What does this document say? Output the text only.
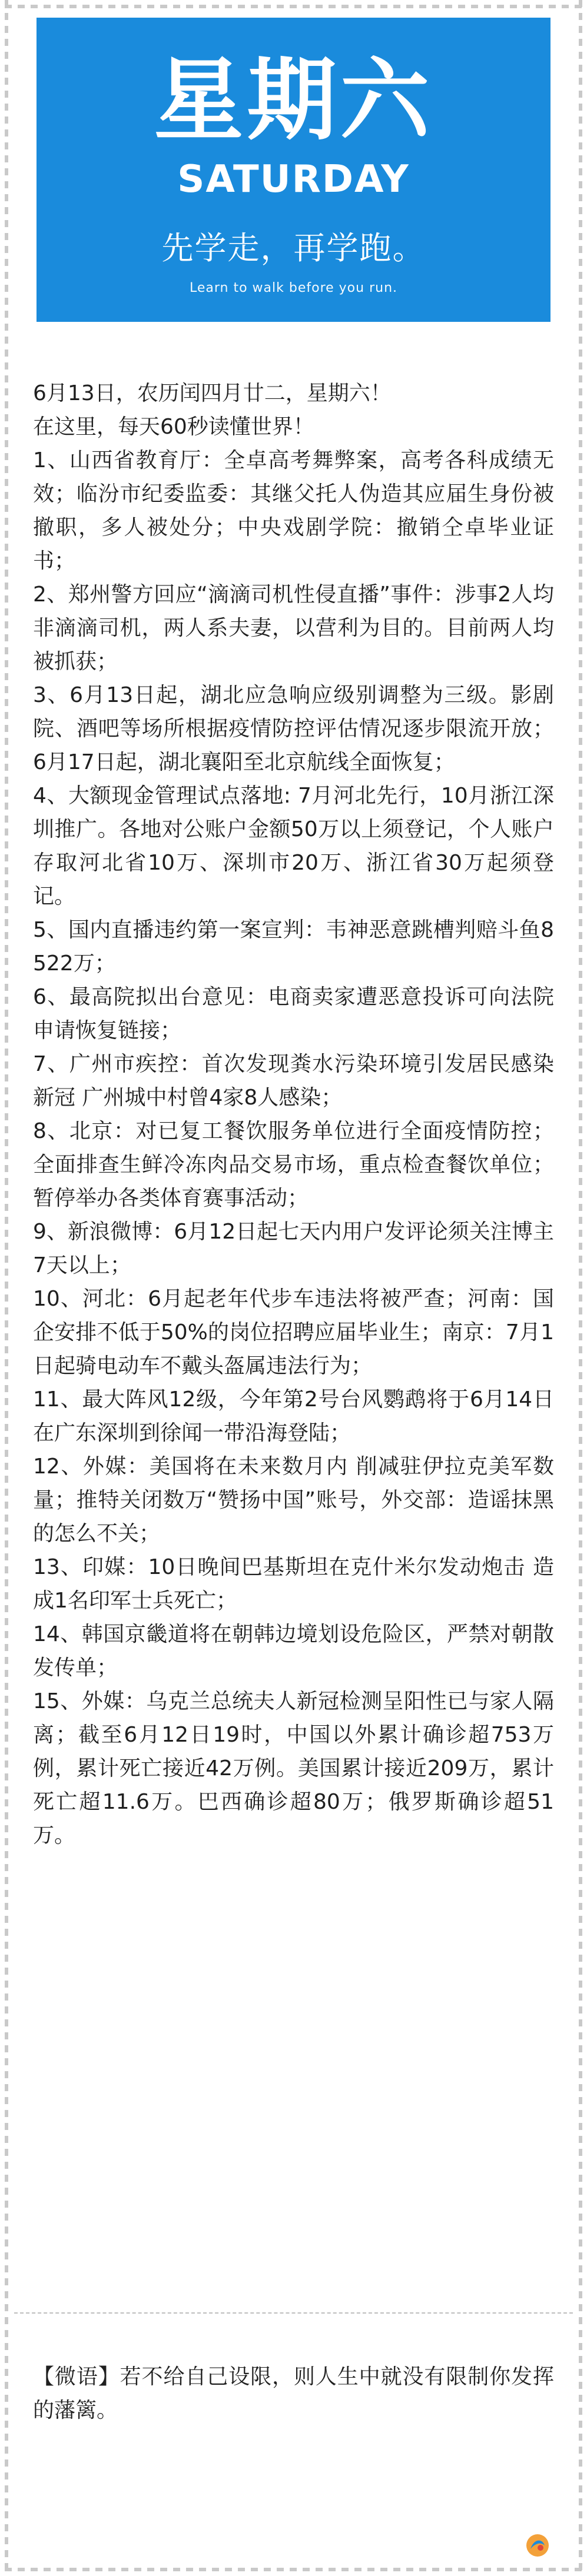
星期六
SATURDAY
先学走，再学跑。
Learn to walk before you run.

6月13日，农历闰四月廿二，星期六！

在这里，每天60秒读懂世界！

1、山西省教育厅：全卓高考舞弊案，高考各科成绩无效；临汾市纪委监委：其继父托人伪造其应届生身份被撤职，多人被处分；中央戏剧学院：撤销仝卓毕业证书；

2、郑州警方回应“滴滴司机性侵直播”事件：涉事2人均非滴滴司机，两人系夫妻，以营利为目的。目前两人均被抓获；

3、6月13日起，湖北应急响应级别调整为三级。影剧院、酒吧等场所根据疫情防控评估情况逐步限流开放；6月17日起，湖北襄阳至北京航线全面恢复；

4、大额现金管理试点落地: 7月河北先行，10月浙江深圳推广。各地对公账户金额50万以上须登记，个人账户存取河北省10万、深圳市20万、浙江省30万起须登记。

5、国内直播违约第一案宣判：韦神恶意跳槽判赔斗鱼8522万；

6、最高院拟出台意见：电商卖家遭恶意投诉可向法院申请恢复链接；

7、广州市疾控：首次发现粪水污染环境引发居民感染新冠 广州城中村曾4家8人感染；

8、北京：对已复工餐饮服务单位进行全面疫情防控；全面排查生鲜冷冻肉品交易市场，重点检查餐饮单位；暂停举办各类体育赛事活动；

9、新浪微博：6月12日起七天内用户发评论须关注博主7天以上；

10、河北：6月起老年代步车违法将被严查；河南：国企安排不低于50%的岗位招聘应届毕业生；南京：7月1日起骑电动车不戴头盔属违法行为；

11、最大阵风12级，今年第2号台风鹦鹉将于6月14日在广东深圳到徐闻一带沿海登陆；

12、外媒：美国将在未来数月内 削减驻伊拉克美军数量；推特关闭数万“赞扬中国”账号，外交部：造谣抹黑的怎么不关；

13、印媒：10日晚间巴基斯坦在克什米尔发动炮击 造成1名印军士兵死亡；

14、韩国京畿道将在朝韩边境划设危险区，严禁对朝散发传单；

15、外媒：乌克兰总统夫人新冠检测呈阳性已与家人隔离；截至6月12日19时，中国以外累计确诊超753万例，累计死亡接近42万例。美国累计接近209万，累计死亡超11.6万。巴西确诊超80万；俄罗斯确诊超51万。

【微语】若不给自己设限，则人生中就没有限制你发挥的藩篱。
